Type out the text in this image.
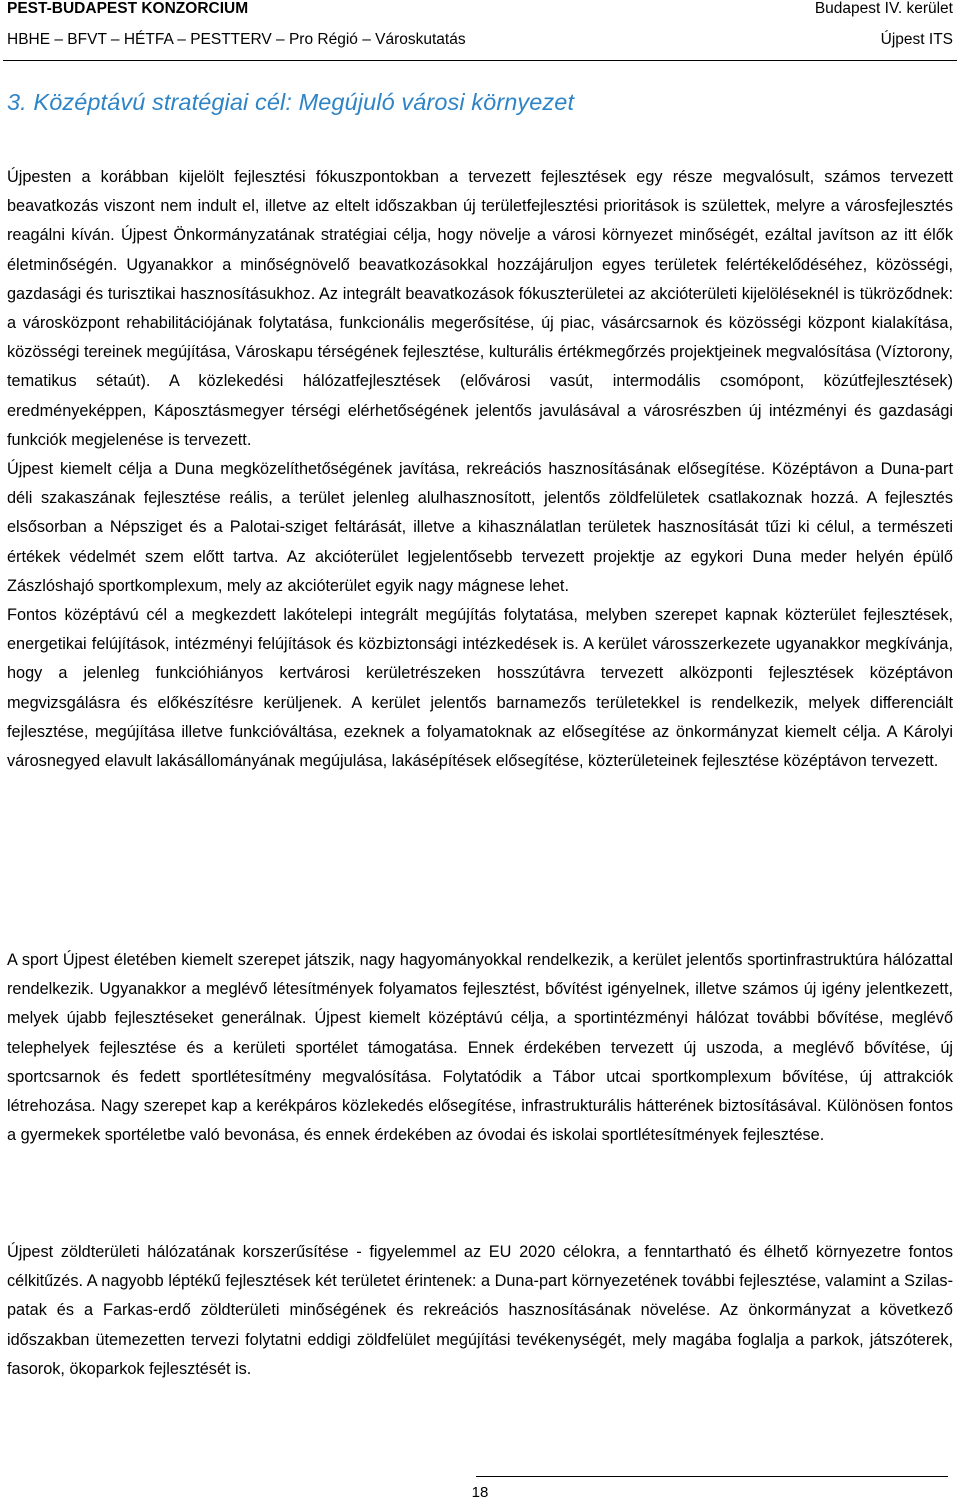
PEST-BUDAPEST KONZORCIUM	Budapest IV. kerület
HBHE – BFVT – HÉTFA – PESTTERV – Pro Régió – Városkutatás	Újpest ITS
3. Középtávú stratégiai cél: Megújuló városi környezet

Újpesten a korábban kijelölt fejlesztési fókuszpontokban a tervezett fejlesztések egy része megvalósult, számos tervezett beavatkozás viszont nem indult el, illetve az eltelt időszakban új területfejlesztési prioritások is születtek, melyre a városfejlesztés reagálni kíván. Újpest Önkormányzatának stratégiai célja, hogy növelje a városi környezet minőségét, ezáltal javítson az itt élők életminőségén. Ugyanakkor a minőségnövelő beavatkozásokkal hozzájáruljon egyes területek felértékelődéséhez, közösségi, gazdasági és turisztikai hasznosításukhoz. Az integrált beavatkozások fókuszterületei az akcióterületi kijelöléseknél is tükröződnek: a városközpont rehabilitációjának folytatása, funkcionális megerősítése, új piac, vásárcsarnok és közösségi központ kialakítása, közösségi tereinek megújítása, Városkapu térségének fejlesztése, kulturális értékmegőrzés projektjeinek megvalósítása (Víztorony, tematikus sétaút). A közlekedési hálózatfejlesztések (elővárosi vasút, intermodális csomópont, közútfejlesztések) eredményeképpen, Káposztásmegyer térségi elérhetőségének jelentős javulásával a városrészben új intézményi és gazdasági funkciók megjelenése is tervezett.

Újpest kiemelt célja a Duna megközelíthetőségének javítása, rekreációs hasznosításának elősegítése. Középtávon a Duna-part déli szakaszának fejlesztése reális, a terület jelenleg alulhasznosított, jelentős zöldfelületek csatlakoznak hozzá. A fejlesztés elsősorban a Népsziget és a Palotai-sziget feltárását, illetve a kihasználatlan területek hasznosítását tűzi ki célul, a természeti értékek védelmét szem előtt tartva. Az akcióterület legjelentősebb tervezett projektje az egykori Duna meder helyén épülő Zászlóshajó sportkomplexum, mely az akcióterület egyik nagy mágnese lehet.

Fontos középtávú cél a megkezdett lakótelepi integrált megújítás folytatása, melyben szerepet kapnak közterület fejlesztések, energetikai felújítások, intézményi felújítások és közbiztonsági intézkedések is. A kerület városszerkezete ugyanakkor megkívánja, hogy a jelenleg funkcióhiányos kertvárosi kerületrészeken hosszútávra tervezett alközponti fejlesztések középtávon megvizsgálásra és előkészítésre kerüljenek. A kerület jelentős barnamezős területekkel is rendelkezik, melyek differenciált fejlesztése, megújítása illetve funkcióváltása, ezeknek a folyamatoknak az elősegítése az önkormányzat kiemelt célja. A Károlyi városnegyed elavult lakásállományának megújulása, lakásépítések elősegítése, közterületeinek fejlesztése középtávon tervezett.

A sport Újpest életében kiemelt szerepet játszik, nagy hagyományokkal rendelkezik, a kerület jelentős sportinfrastruktúra hálózattal rendelkezik. Ugyanakkor a meglévő létesítmények folyamatos fejlesztést, bővítést igényelnek, illetve számos új igény jelentkezett, melyek újabb fejlesztéseket generálnak. Újpest kiemelt középtávú célja, a sportintézményi hálózat további bővítése, meglévő telephelyek fejlesztése és a kerületi sportélet támogatása. Ennek érdekében tervezett új uszoda, a meglévő bővítése, új sportcsarnok és fedett sportlétesítmény megvalósítása. Folytatódik a Tábor utcai sportkomplexum bővítése, új attrakciók létrehozása. Nagy szerepet kap a kerékpáros közlekedés elősegítése, infrastrukturális hátterének biztosításával. Különösen fontos a gyermekek sportéletbe való bevonása, és ennek érdekében az óvodai és iskolai sportlétesítmények fejlesztése.

Újpest zöldterületi hálózatának korszerűsítése - figyelemmel az EU 2020 célokra, a fenntartható és élhető környezetre fontos célkitűzés. A nagyobb léptékű fejlesztések két területet érintenek: a Duna-part környezetének további fejlesztése, valamint a Szilas-patak és a Farkas-erdő zöldterületi minőségének és rekreációs hasznosításának növelése. Az önkormányzat a következő időszakban ütemezetten tervezi folytatni eddigi zöldfelület megújítási tevékenységét, mely magába foglalja a parkok, játszóterek, fasorok, ökoparkok fejlesztését is.

18
